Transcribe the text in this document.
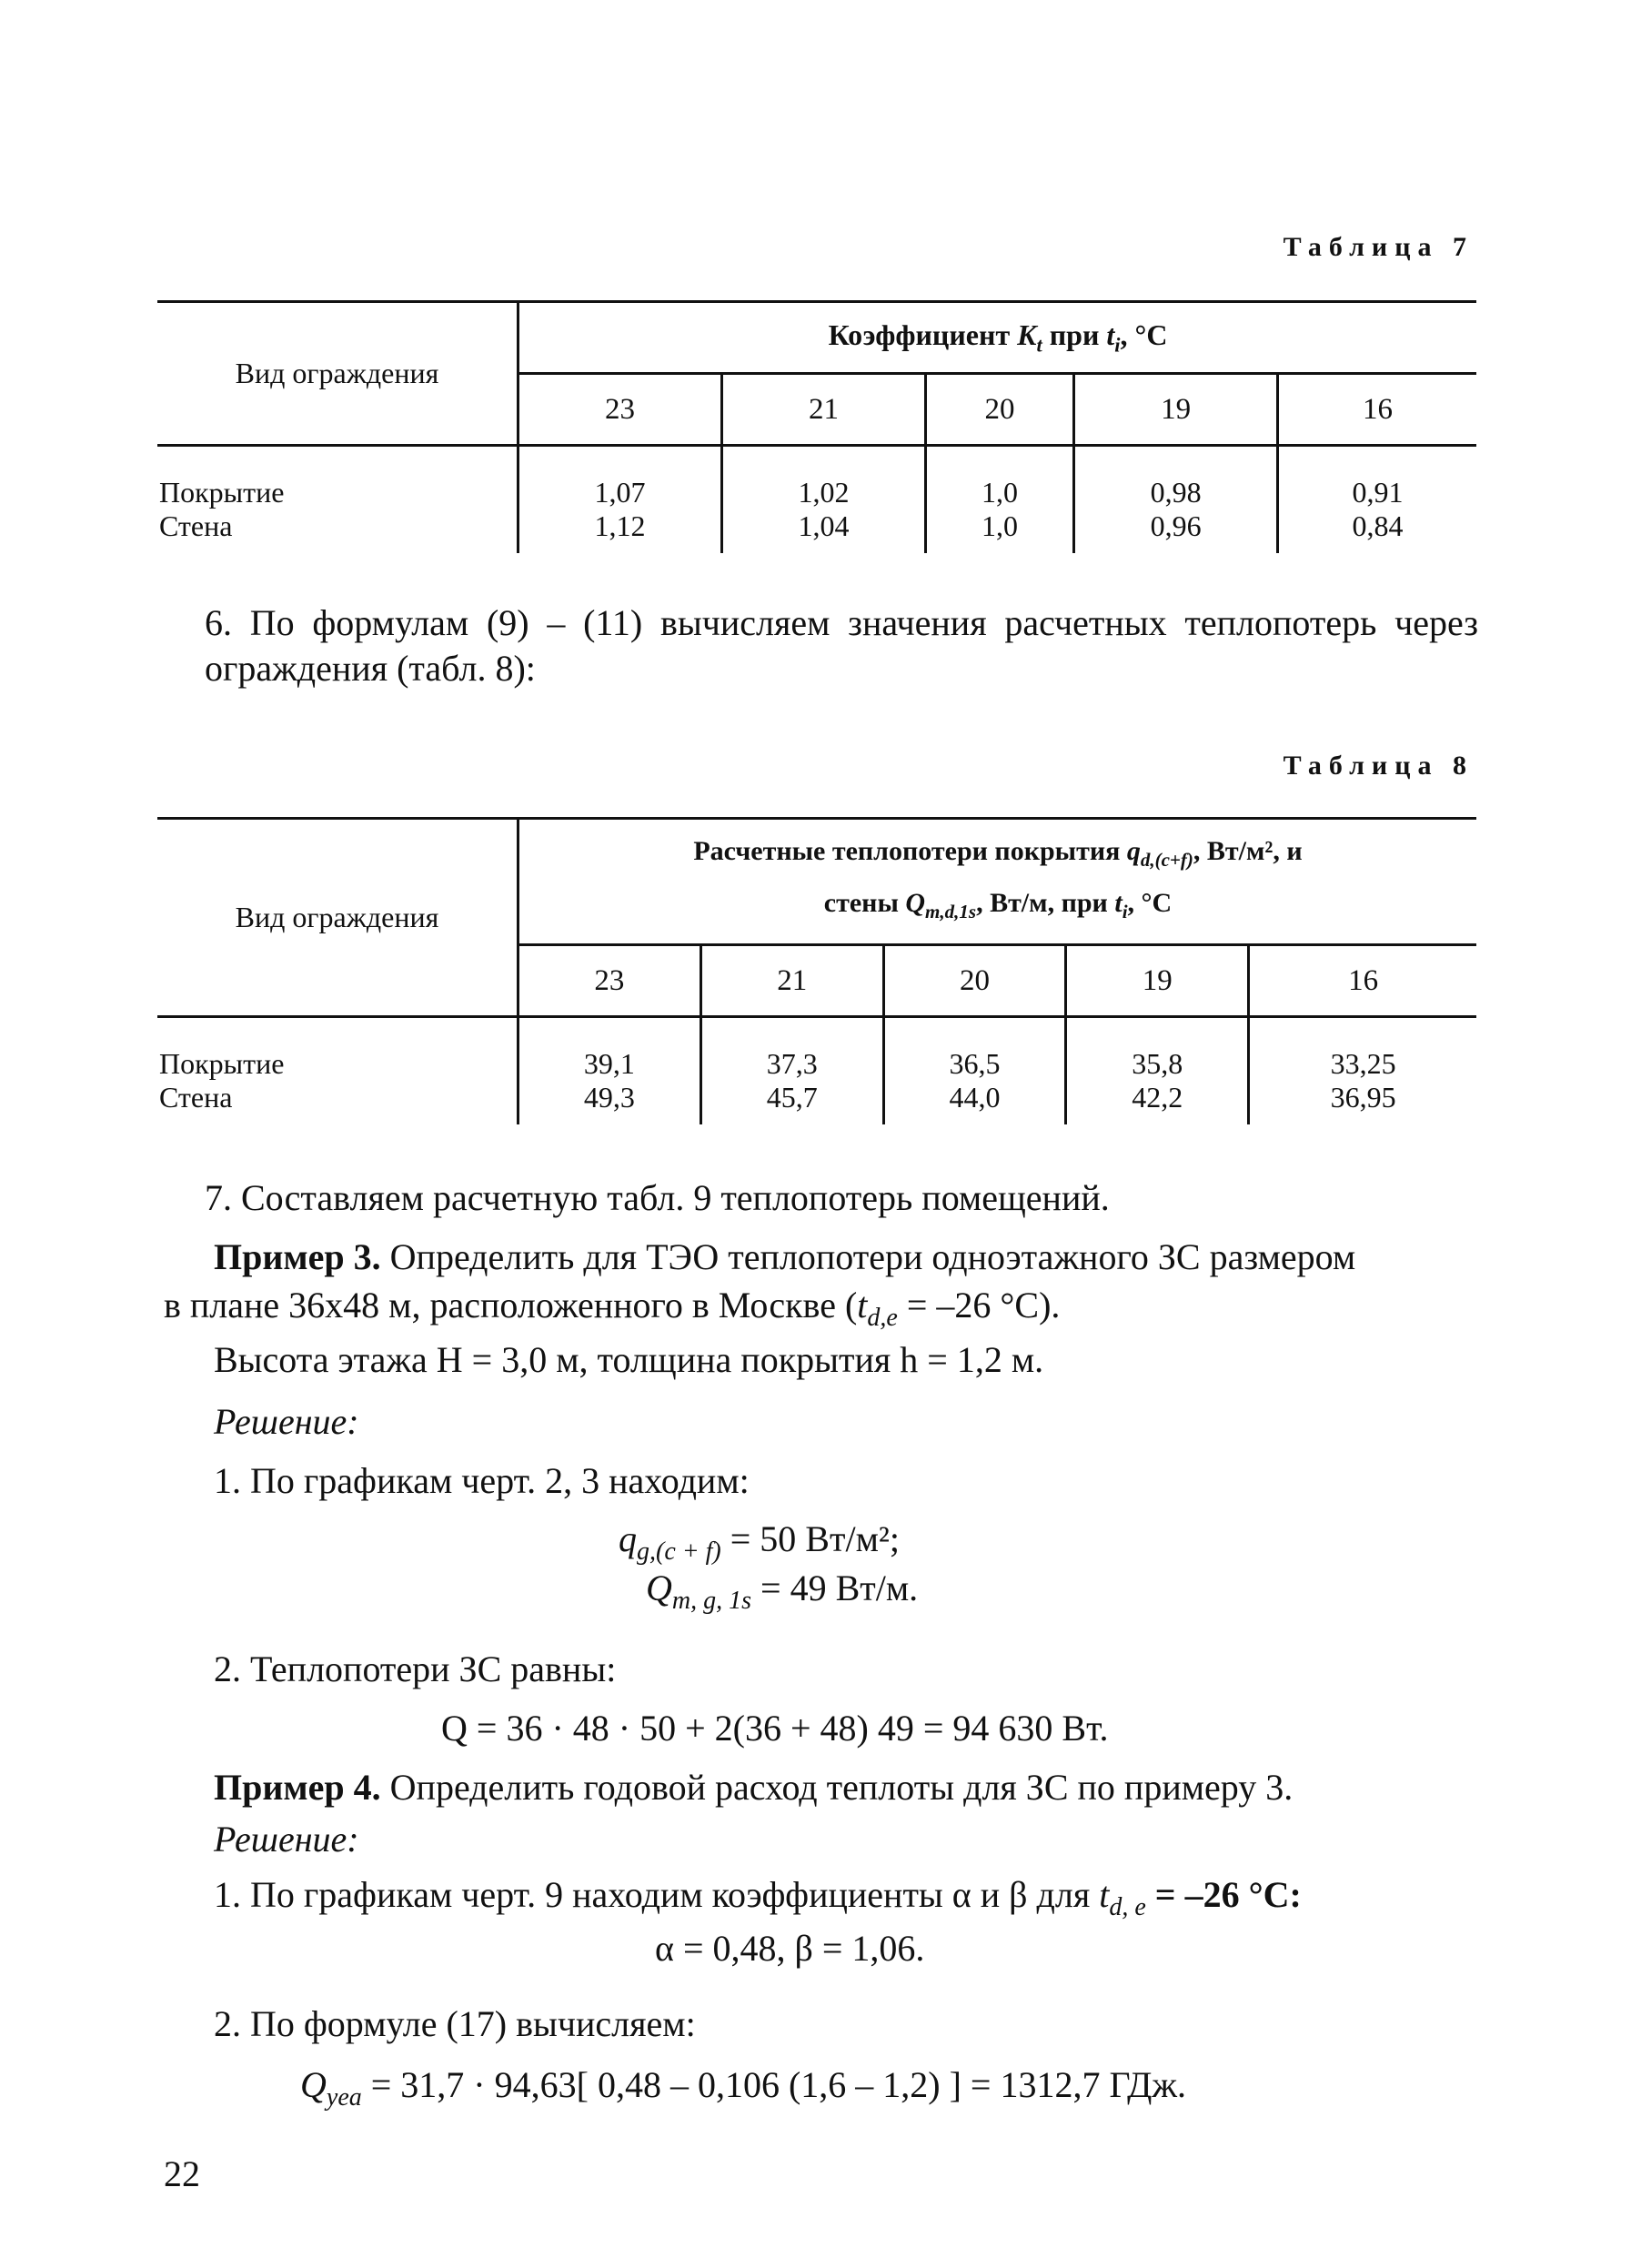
Таблица 7
Вид ограждения	Коэффициент $K_t$ при $t_i$, °С				
	23	21	20	19	16
Покрытие	1,07	1,02	1,0	0,98	0,91
Стена	1,12	1,04	1,0	0,96	0,84
6. По формулам (9) – (11) вычисляем значения расчетных теплопотерь через ограждения (табл. 8):
Таблица 8
Вид ограждения	Расчетные теплопотери покрытия $q_{d,(c+f)}$, Вт/м², и
стены $Q_{m,d,1s}$, Вт/м, при $t_i$, °С				
	23	21	20	19	16
Покрытие	39,1	37,3	36,5	35,8	33,25
Стена	49,3	45,7	44,0	42,2	36,95
7. Составляем расчетную табл. 9 теплопотерь помещений.
Пример 3. Определить для ТЭО теплопотери одноэтажного ЗС размером
в плане 36х48 м, расположенного в Москве ($t_{d,e} = -26$ °С).
Высота этажа H = 3,0 м, толщина покрытия h = 1,2 м.
Решение:
1. По графикам черт. 2, 3 находим:
$q_{g,(c + f)} = 50$ Вт/м²;
$Q_{m, g, 1s} = 49$ Вт/м.
2. Теплопотери ЗС равны:
Q = 36 · 48 · 50 + 2(36 + 48) 49 = 94 630 Вт.
Пример 4. Определить годовой расход теплоты для ЗС по примеру 3.
Решение:
1. По графикам черт. 9 находим коэффициенты α и β для $t_{d, e} = -26$ °С:
α = 0,48, β = 1,06.
2. По формуле (17) вычисляем:
$Q_{yea} = 31,7 \cdot 94,63$[ 0,48 – 0,106 (1,6 – 1,2) ] = 1312,7 ГДж.
22
